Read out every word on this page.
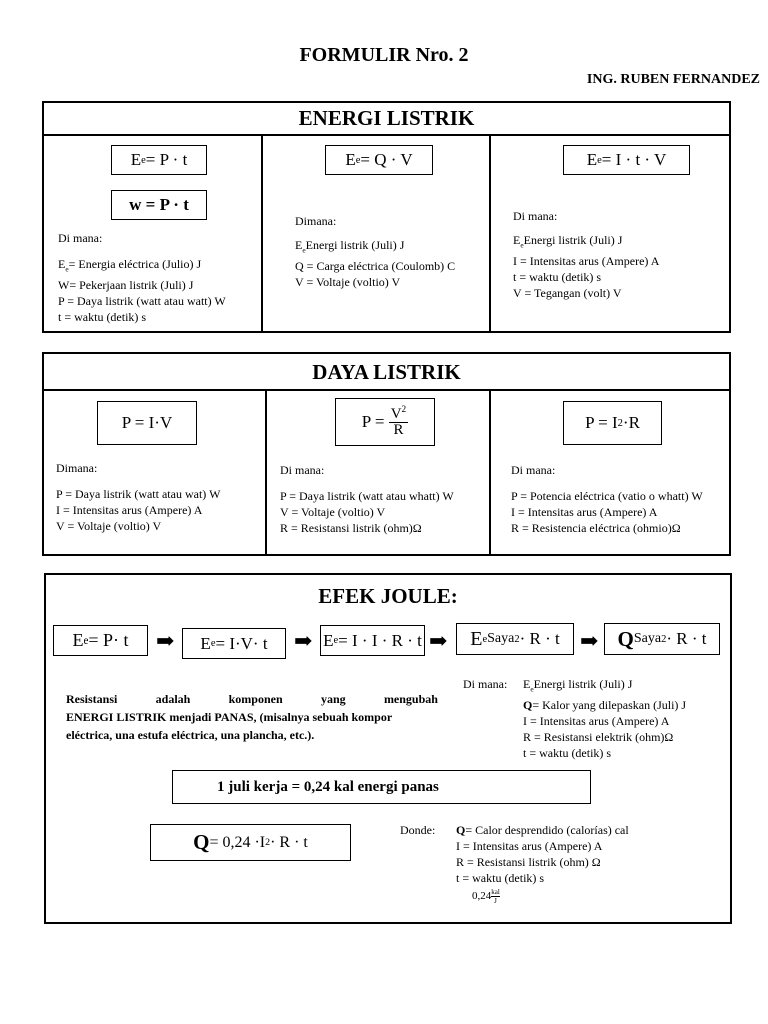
FORMULIR Nro. 2
ING. RUBEN FERNANDEZ
ENERGI LISTRIK
E e = P · t
w = P · t
Di mana:
$E_e=$ Energia eléctrica (Julio) J
W= Pekerjaan listrik (Juli) J
P = Daya listrik (watt atau watt) W
t = waktu (detik) s
E e = Q · V
Dimana:
$E_eEnergi$ listrik (Juli) J
Q = Carga eléctrica (Coulomb) C
V = Voltaje (voltio) V
E e = I · t · V
Di mana:
$E_eEnergi$ listrik (Juli) J
I = Intensitas arus (Ampere) A
t = waktu (detik) s
V = Tegangan (volt) V
DAYA LISTRIK
P = I·V
Dimana:
P = Daya listrik (watt atau wat) W
I = Intensitas arus (Ampere) A
V = Voltaje (voltio) V
P =
$\frac{V^2}{R}$
Di mana:
P = Daya listrik (watt atau whatt) W
V = Voltaje (voltio) V
R = Resistansi listrik (ohm)Ω
P = I 2 ·R
Di mana:
P = Potencia eléctrica (vatio o whatt) W
I = Intensitas arus (Ampere) A
R = Resistencia eléctrica (ohmio)Ω
EFEK JOULE:
E e = P· t ➡ E e = I·V· t ➡ E e = I · I · R · t ➡ E e Saya 2 · R · t ➡ Q Saya 2 · R · t
Resistansi	adalah	komponen	yang	mengubah
ENERGI LISTRIK menjadi PANAS, (misalnya sebuah kompor
eléctrica, una estufa eléctrica, una plancha, etc.).
Di mana: $E_eEnergi$ listrik (Juli) J
Q= Kalor yang dilepaskan (Juli) J
I = Intensitas arus (Ampere) A
R = Resistansi elektrik (ohm)Ω
t = waktu (detik) s
1 juli kerja = 0,24 kal energi panas
Q = 0,24 ·I 2 · R · t
Donde: Q= Calor desprendido (calorías) cal
I = Intensitas arus (Ampere) A
R = Resistansi listrik (ohm) Ω
t = waktu (detik) s
$0,24 \frac{\text{kal}}{J}$
